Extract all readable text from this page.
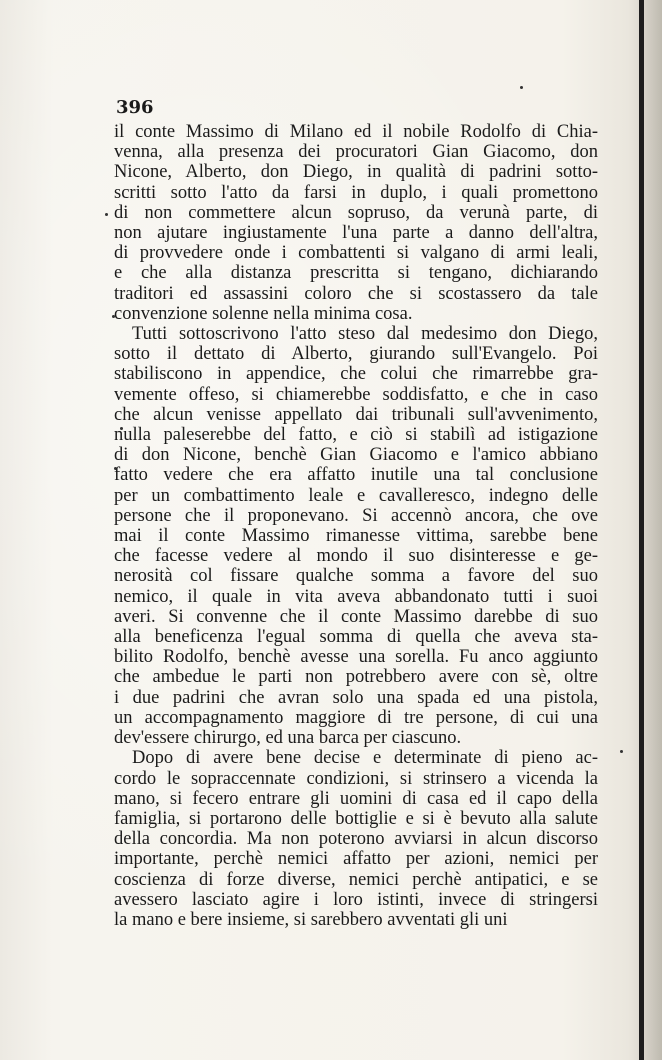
396
il conte Massimo di Milano ed il nobile Rodolfo di Chia-
venna, alla presenza dei procuratori Gian Giacomo, don
Nicone, Alberto, don Diego, in qualità di padrini sotto-
scritti sotto l'atto da farsi in duplo, i quali promettono
di non commettere alcun sopruso, da verunà parte, di
non ajutare ingiustamente l'una parte a danno dell'altra,
di provvedere onde i combattenti si valgano di armi leali,
e che alla distanza prescritta si tengano, dichiarando
traditori ed assassini coloro che si scostassero da tale
convenzione solenne nella minima cosa.
Tutti sottoscrivono l'atto steso dal medesimo don Diego,
sotto il dettato di Alberto, giurando sull'Evangelo. Poi
stabiliscono in appendice, che colui che rimarrebbe gra-
vemente offeso, si chiamerebbe soddisfatto, e che in caso
che alcun venisse appellato dai tribunali sull'avvenimento,
nulla paleserebbe del fatto, e ciò si stabilì ad istigazione
di don Nicone, benchè Gian Giacomo e l'amico abbiano
fatto vedere che era affatto inutile una tal conclusione
per un combattimento leale e cavalleresco, indegno delle
persone che il proponevano. Si accennò ancora, che ove
mai il conte Massimo rimanesse vittima, sarebbe bene
che facesse vedere al mondo il suo disinteresse e ge-
nerosità col fissare qualche somma a favore del suo
nemico, il quale in vita aveva abbandonato tutti i suoi
averi. Si convenne che il conte Massimo darebbe di suo
alla beneficenza l'egual somma di quella che aveva sta-
bilito Rodolfo, benchè avesse una sorella. Fu anco aggiunto
che ambedue le parti non potrebbero avere con sè, oltre
i due padrini che avran solo una spada ed una pistola,
un accompagnamento maggiore di tre persone, di cui una
dev'essere chirurgo, ed una barca per ciascuno.
Dopo di avere bene decise e determinate di pieno ac-
cordo le sopraccennate condizioni, si strinsero a vicenda la
mano, si fecero entrare gli uomini di casa ed il capo della
famiglia, si portarono delle bottiglie e si è bevuto alla salute
della concordia. Ma non poterono avviarsi in alcun discorso
importante, perchè nemici affatto per azioni, nemici per
coscienza di forze diverse, nemici perchè antipatici, e se
avessero lasciato agire i loro istinti, invece di stringersi
la mano e bere insieme, si sarebbero avventati gli uni
